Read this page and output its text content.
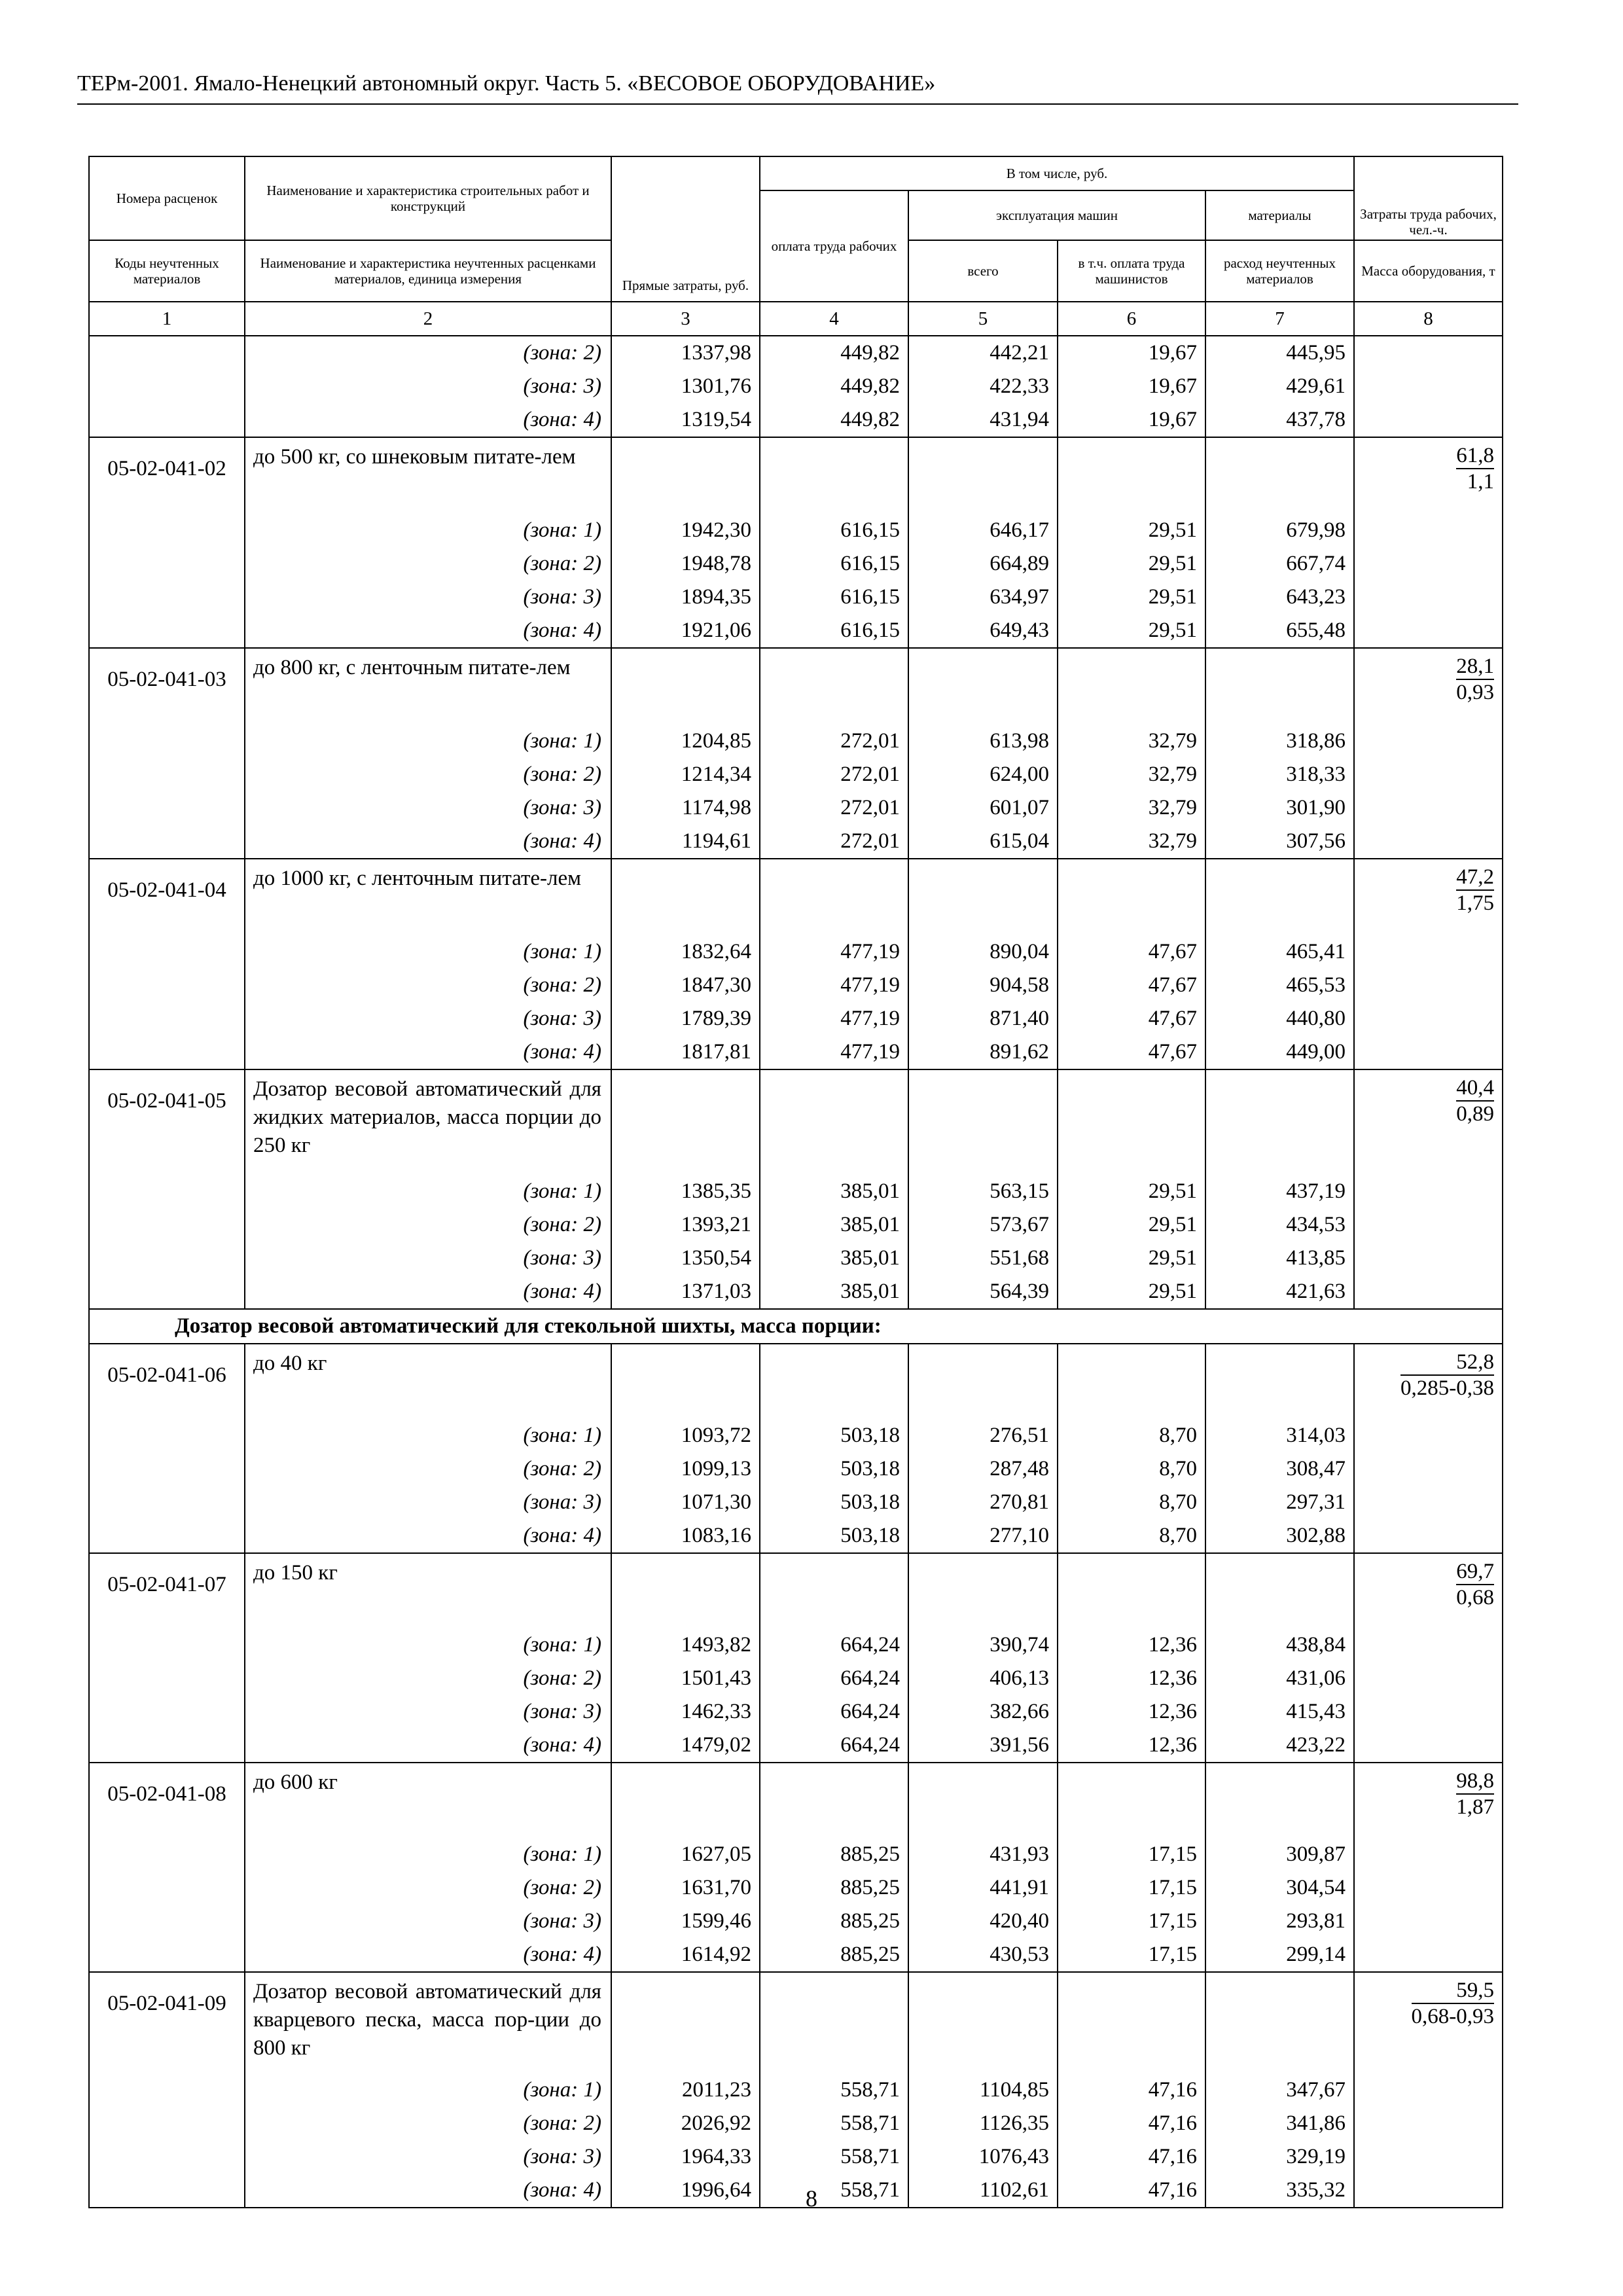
ТЕРм-2001. Ямало-Ненецкий автономный округ. Часть 5. «ВЕСОВОЕ ОБОРУДОВАНИЕ»
Номера расценок	Наименование и характеристика строительных работ и конструкций	Прямые затраты, руб.	В том числе, руб.				Затраты труда рабочих, чел.-ч.
			оплата труда рабочих	эксплуатация машин		материалы	
Коды неучтенных материалов	Наименование и характеристика неучтенных расценками материалов, единица измерения			всего	в т.ч. оплата труда машинистов	расход неучтенных материалов	Масса оборудования, т
1	2	3	4	5	6	7	8
	(зона: 2)	1337,98	449,82	442,21	19,67	445,95	
	(зона: 3)	1301,76	449,82	422,33	19,67	429,61	
	(зона: 4)	1319,54	449,82	431,94	19,67	437,78	
05-02-041-02	до 500 кг, со шнековым питате-лем						$\frac{61,8}{1,1}$

	(зона: 1)	1942,30	616,15	646,17	29,51	679,98	
	(зона: 2)	1948,78	616,15	664,89	29,51	667,74	
	(зона: 3)	1894,35	616,15	634,97	29,51	643,23	
	(зона: 4)	1921,06	616,15	649,43	29,51	655,48	
05-02-041-03	до 800 кг, с ленточным питате-лем						$\frac{28,1}{0,93}$

	(зона: 1)	1204,85	272,01	613,98	32,79	318,86	
	(зона: 2)	1214,34	272,01	624,00	32,79	318,33	
	(зона: 3)	1174,98	272,01	601,07	32,79	301,90	
	(зона: 4)	1194,61	272,01	615,04	32,79	307,56	
05-02-041-04	до 1000 кг, с ленточным питате-лем						$\frac{47,2}{1,75}$

	(зона: 1)	1832,64	477,19	890,04	47,67	465,41	
	(зона: 2)	1847,30	477,19	904,58	47,67	465,53	
	(зона: 3)	1789,39	477,19	871,40	47,67	440,80	
	(зона: 4)	1817,81	477,19	891,62	47,67	449,00	
05-02-041-05	Дозатор весовой автоматический для жидких материалов, масса порции до 250 кг						$\frac{40,4}{0,89}$

	(зона: 1)	1385,35	385,01	563,15	29,51	437,19	
	(зона: 2)	1393,21	385,01	573,67	29,51	434,53	
	(зона: 3)	1350,54	385,01	551,68	29,51	413,85	
	(зона: 4)	1371,03	385,01	564,39	29,51	421,63	
Дозатор весовой автоматический для стекольной шихты, масса порции:							
05-02-041-06	до 40 кг						$\frac{52,8}{0,285-0,38}$

	(зона: 1)	1093,72	503,18	276,51	8,70	314,03	
	(зона: 2)	1099,13	503,18	287,48	8,70	308,47	
	(зона: 3)	1071,30	503,18	270,81	8,70	297,31	
	(зона: 4)	1083,16	503,18	277,10	8,70	302,88	
05-02-041-07	до 150 кг						$\frac{69,7}{0,68}$

	(зона: 1)	1493,82	664,24	390,74	12,36	438,84	
	(зона: 2)	1501,43	664,24	406,13	12,36	431,06	
	(зона: 3)	1462,33	664,24	382,66	12,36	415,43	
	(зона: 4)	1479,02	664,24	391,56	12,36	423,22	
05-02-041-08	до 600 кг						$\frac{98,8}{1,87}$

	(зона: 1)	1627,05	885,25	431,93	17,15	309,87	
	(зона: 2)	1631,70	885,25	441,91	17,15	304,54	
	(зона: 3)	1599,46	885,25	420,40	17,15	293,81	
	(зона: 4)	1614,92	885,25	430,53	17,15	299,14	
05-02-041-09	Дозатор весовой автоматический для кварцевого песка, масса пор-ции до 800 кг						$\frac{59,5}{0,68-0,93}$

	(зона: 1)	2011,23	558,71	1104,85	47,16	347,67	
	(зона: 2)	2026,92	558,71	1126,35	47,16	341,86	
	(зона: 3)	1964,33	558,71	1076,43	47,16	329,19	
	(зона: 4)	1996,64	558,71	1102,61	47,16	335,32	
8
